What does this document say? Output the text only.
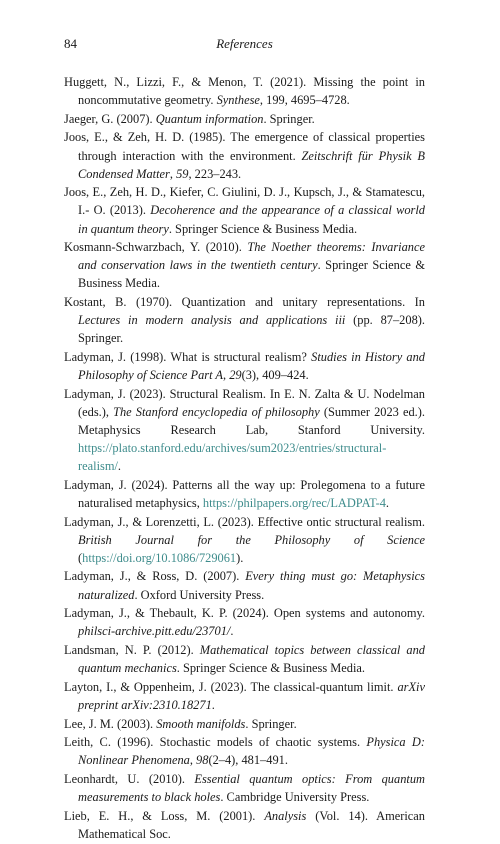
84	References
Huggett, N., Lizzi, F., & Menon, T. (2021). Missing the point in noncommutative geometry. Synthese, 199, 4695–4728.
Jaeger, G. (2007). Quantum information. Springer.
Joos, E., & Zeh, H. D. (1985). The emergence of classical properties through interaction with the environment. Zeitschrift für Physik B Condensed Matter, 59, 223–243.
Joos, E., Zeh, H. D., Kiefer, C. Giulini, D. J., Kupsch, J., & Stamatescu, I.- O. (2013). Decoherence and the appearance of a classical world in quantum theory. Springer Science & Business Media.
Kosmann-Schwarzbach, Y. (2010). The Noether theorems: Invariance and conservation laws in the twentieth century. Springer Science & Business Media.
Kostant, B. (1970). Quantization and unitary representations. In Lectures in modern analysis and applications iii (pp. 87–208). Springer.
Ladyman, J. (1998). What is structural realism? Studies in History and Philosophy of Science Part A, 29(3), 409–424.
Ladyman, J. (2023). Structural Realism. In E. N. Zalta & U. Nodelman (eds.), The Stanford encyclopedia of philosophy (Summer 2023 ed.). Metaphysics Research Lab, Stanford University. https://plato.stanford.edu/archives/sum2023/entries/structural-realism/.
Ladyman, J. (2024). Patterns all the way up: Prolegomena to a future naturalised metaphysics, https://philpapers.org/rec/LADPAT-4.
Ladyman, J., & Lorenzetti, L. (2023). Effective ontic structural realism. British Journal for the Philosophy of Science (https://doi.org/10.1086/729061).
Ladyman, J., & Ross, D. (2007). Every thing must go: Metaphysics naturalized. Oxford University Press.
Ladyman, J., & Thebault, K. P. (2024). Open systems and autonomy. philsci-archive.pitt.edu/23701/.
Landsman, N. P. (2012). Mathematical topics between classical and quantum mechanics. Springer Science & Business Media.
Layton, I., & Oppenheim, J. (2023). The classical-quantum limit. arXiv preprint arXiv:2310.18271.
Lee, J. M. (2003). Smooth manifolds. Springer.
Leith, C. (1996). Stochastic models of chaotic systems. Physica D: Nonlinear Phenomena, 98(2–4), 481–491.
Leonhardt, U. (2010). Essential quantum optics: From quantum measurements to black holes. Cambridge University Press.
Lieb, E. H., & Loss, M. (2001). Analysis (Vol. 14). American Mathematical Soc.
